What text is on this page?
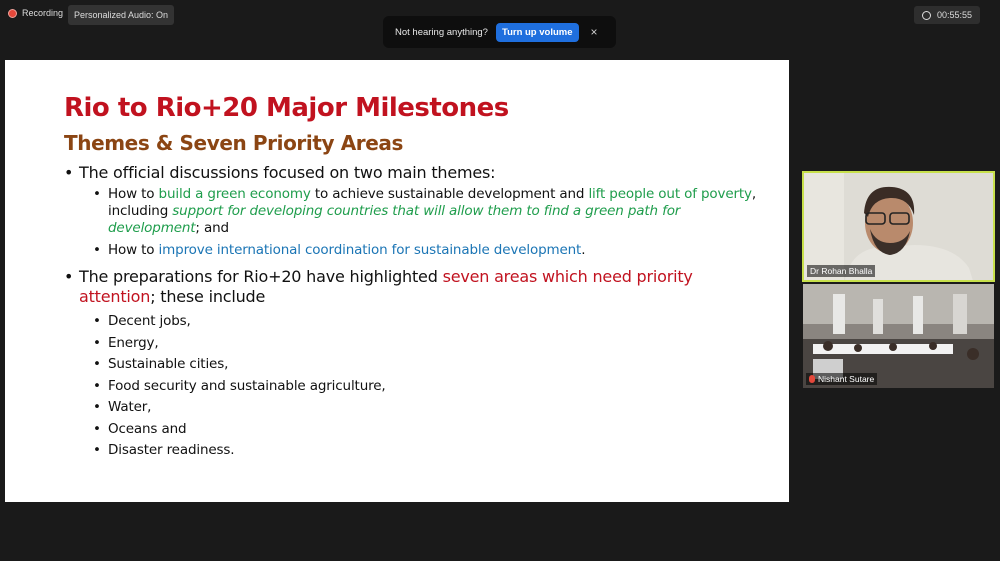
Recording	Personalized Audio: On	00:55:55
Not hearing anything?	Turn up volume	×
Rio to Rio+20 Major Milestones
Themes & Seven Priority Areas
• The official discussions focused on two main themes:
• How to build a green economy to achieve sustainable development and lift people out of poverty, including support for developing countries that will allow them to find a green path for development; and
• How to improve international coordination for sustainable development.
• The preparations for Rio+20 have highlighted seven areas which need priority attention; these include
• Decent jobs,
• Energy,
• Sustainable cities,
• Food security and sustainable agriculture,
• Water,
• Oceans and
• Disaster readiness.
Dr Rohan Bhalla
Nishant Sutare
